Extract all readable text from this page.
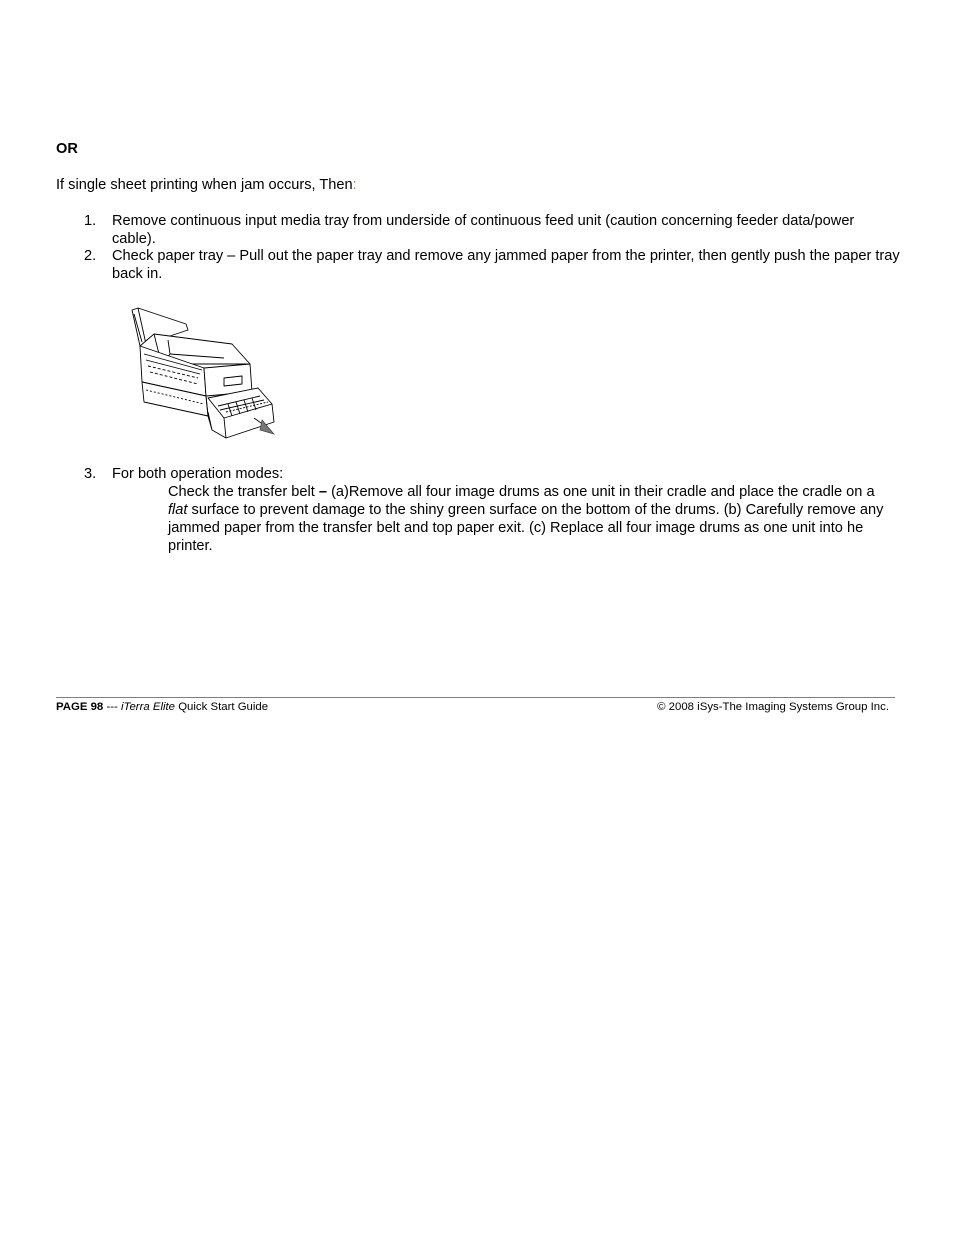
OR
If single sheet printing when jam occurs, Then:
1. Remove continuous input media tray from underside of continuous feed unit (caution concerning feeder data/power cable).
2. Check paper tray – Pull out the paper tray and remove any jammed paper from the printer, then gently push the paper tray back in.
3. For both operation modes:
Check the transfer belt – (a)Remove all four image drums as one unit in their cradle and place the cradle on a flat surface to prevent damage to the shiny green surface on the bottom of the drums. (b) Carefully remove any jammed paper from the transfer belt and top paper exit. (c) Replace all four image drums as one unit into he printer.
PAGE 98 --- iTerra Elite Quick Start Guide	© 2008 iSys-The Imaging Systems Group Inc.
